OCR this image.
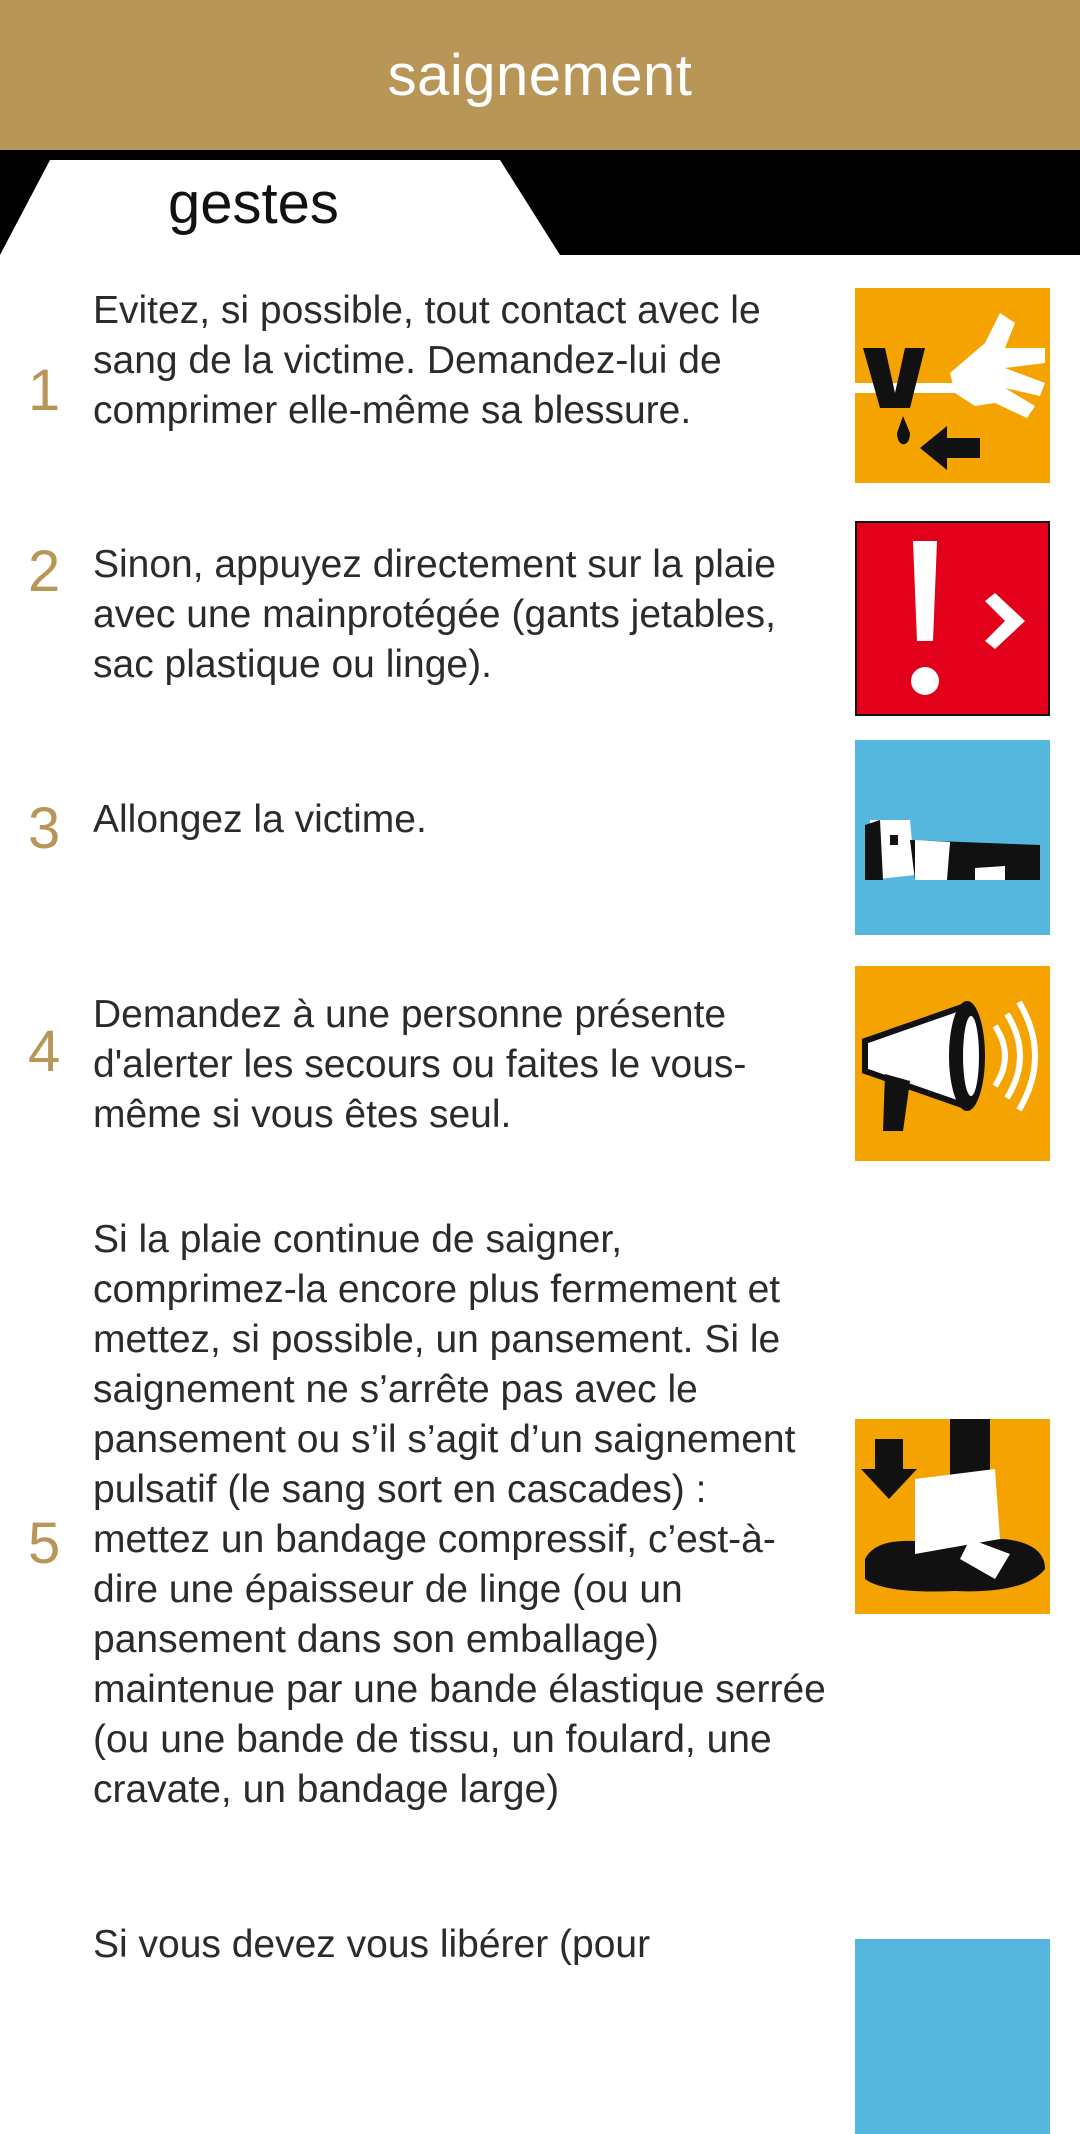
saignement
gestes
1
Evitez, si possible, tout contact avec le sang de la victime. Demandez-lui de comprimer elle-même sa blessure.
2 Sinon, appuyez directement sur la plaie avec une mainprotégée (gants jetables, sac plastique ou linge).
3 Allongez la victime.
4
Demandez à une personne présente d'alerter les secours ou faites le vous-même si vous êtes seul.
5
Si la plaie continue de saigner, comprimez-la encore plus fermement et mettez, si possible, un pansement. Si le saignement ne s’arrête pas avec le pansement ou s’il s’agit d’un saignement pulsatif (le sang sort en cascades) : mettez un bandage compressif, c’est-à-dire une épaisseur de linge (ou un pansement dans son emballage) maintenue par une bande élastique serrée (ou une bande de tissu, un foulard, une cravate, un bandage large)
Si vous devez vous libérer (pour
